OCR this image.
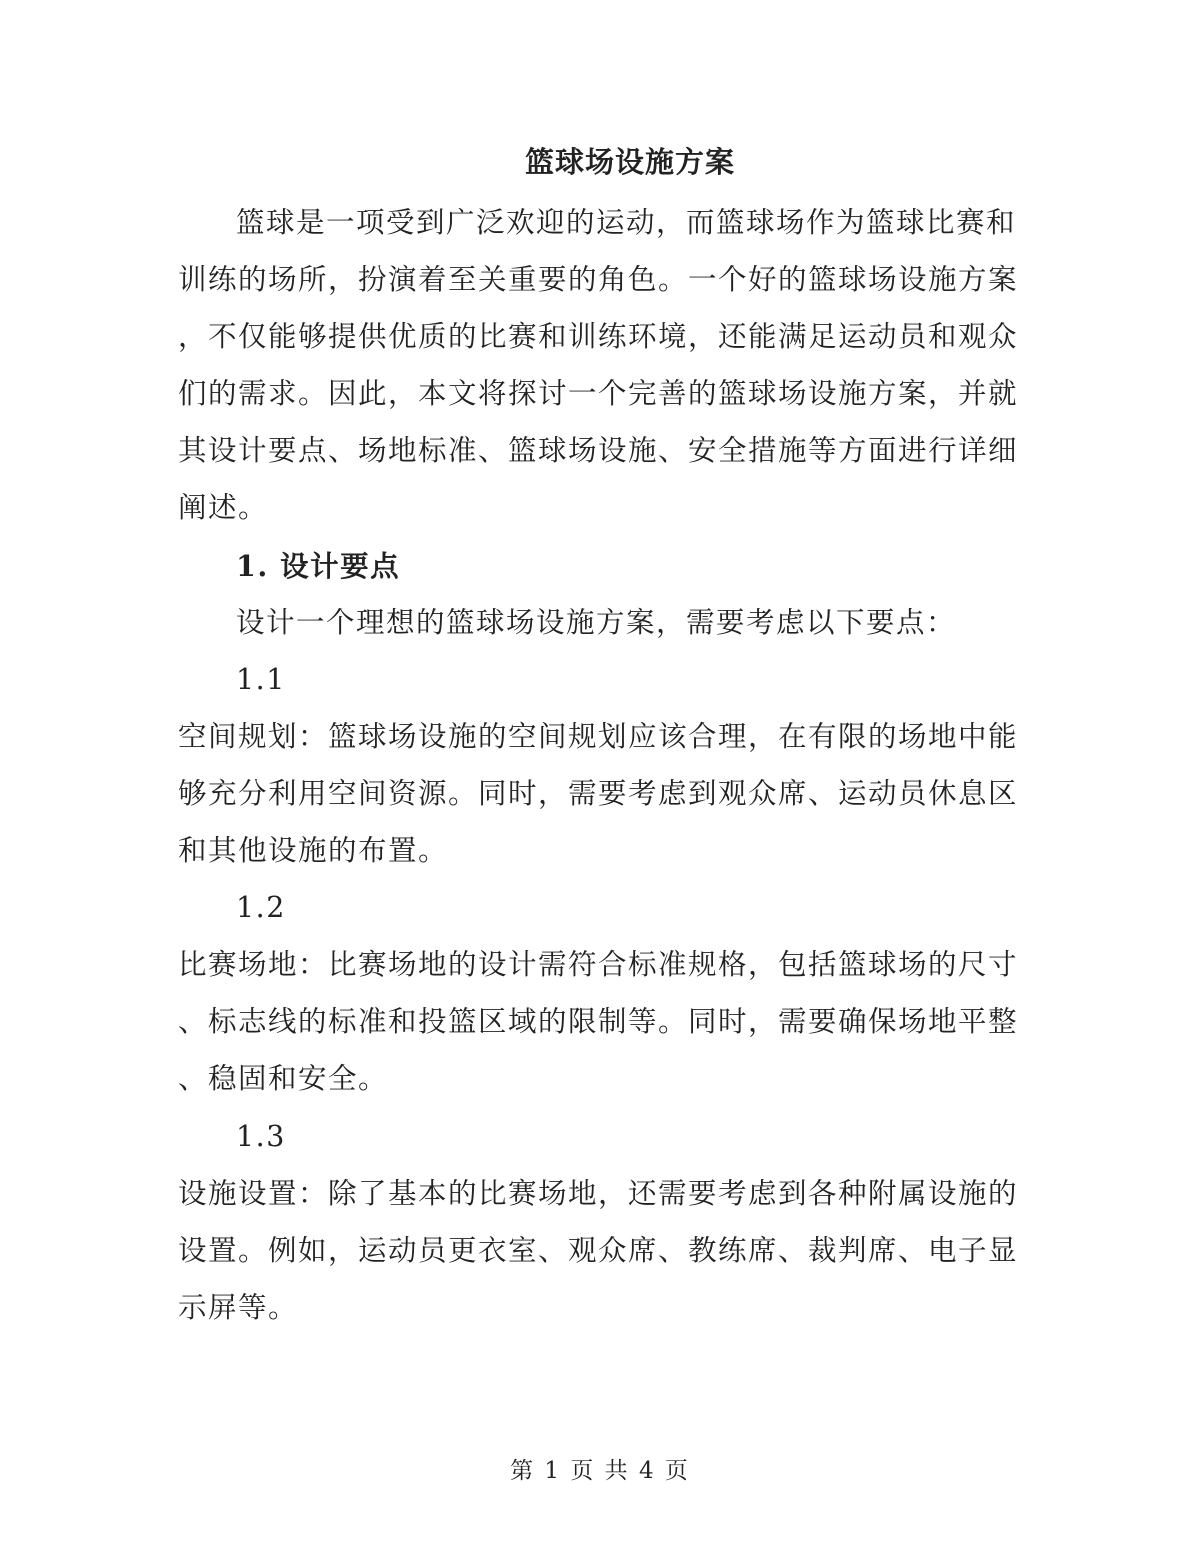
篮球场设施方案
篮球是一项受到广泛欢迎的运动，而篮球场作为篮球比赛和
训练的场所，扮演着至关重要的角色。一个好的篮球场设施方案
，不仅能够提供优质的比赛和训练环境，还能满足运动员和观众
们的需求。因此，本文将探讨一个完善的篮球场设施方案，并就
其设计要点、场地标准、篮球场设施、安全措施等方面进行详细
阐述。
1. 设计要点
设计一个理想的篮球场设施方案，需要考虑以下要点：
1.1
空间规划：篮球场设施的空间规划应该合理，在有限的场地中能
够充分利用空间资源。同时，需要考虑到观众席、运动员休息区
和其他设施的布置。
1.2
比赛场地：比赛场地的设计需符合标准规格，包括篮球场的尺寸
、标志线的标准和投篮区域的限制等。同时，需要确保场地平整
、稳固和安全。
1.3
设施设置：除了基本的比赛场地，还需要考虑到各种附属设施的
设置。例如，运动员更衣室、观众席、教练席、裁判席、电子显
示屏等。
第 1 页 共 4 页
